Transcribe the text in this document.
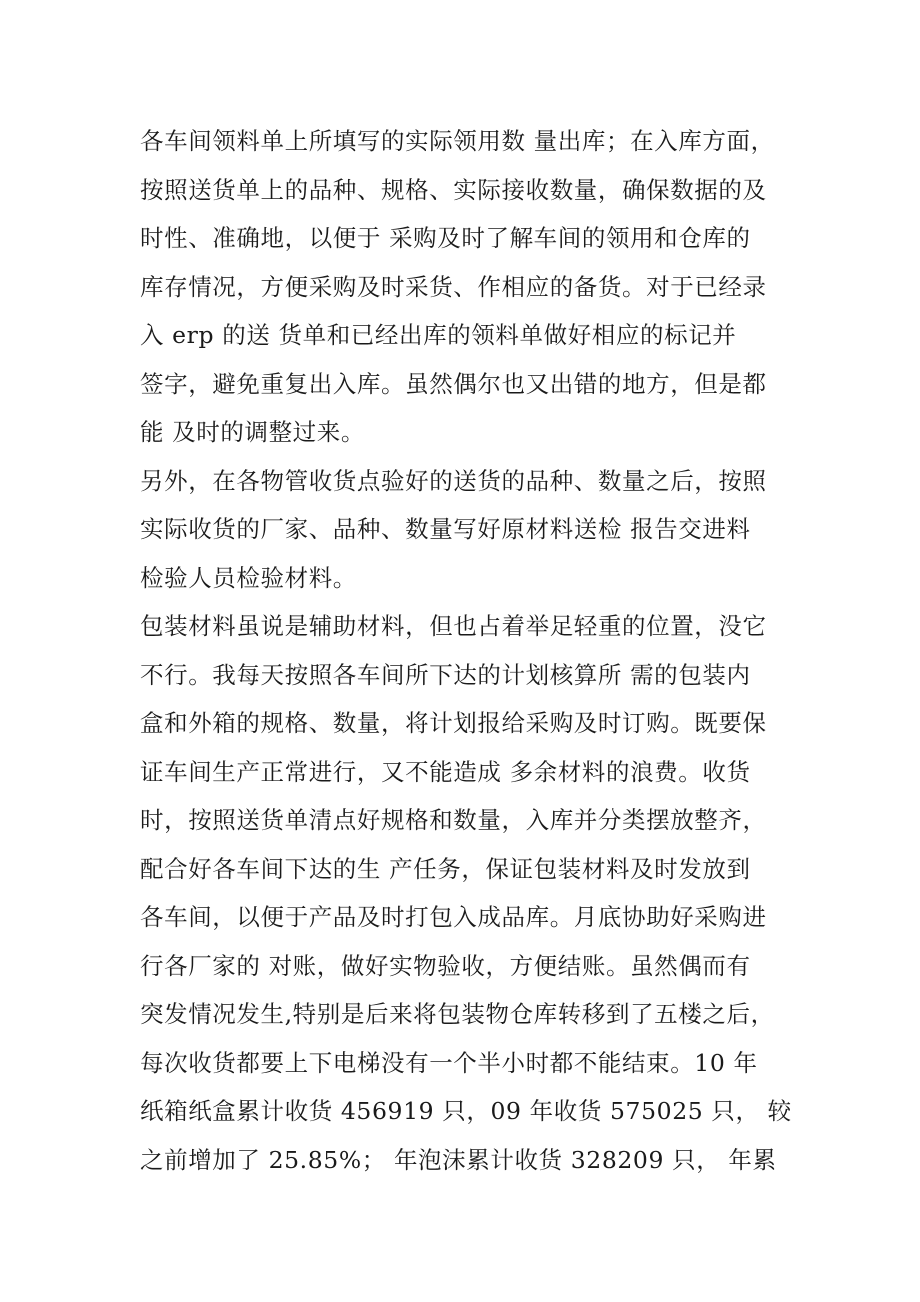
各车间领料单上所填写的实际领用数 量出库；在入库方面，
按照送货单上的品种、规格、实际接收数量，确保数据的及
时性、准确地，以便于 采购及时了解车间的领用和仓库的
库存情况，方便采购及时采货、作相应的备货。对于已经录
入 erp 的送 货单和已经出库的领料单做好相应的标记并
签字，避免重复出入库。虽然偶尔也又出错的地方，但是都
能 及时的调整过来。
另外，在各物管收货点验好的送货的品种、数量之后，按照
实际收货的厂家、品种、数量写好原材料送检 报告交进料
检验人员检验材料。
包装材料虽说是辅助材料，但也占着举足轻重的位置，没它
不行。我每天按照各车间所下达的计划核算所 需的包装内
盒和外箱的规格、数量，将计划报给采购及时订购。既要保
证车间生产正常进行，又不能造成 多余材料的浪费。收货
时，按照送货单清点好规格和数量，入库并分类摆放整齐，
配合好各车间下达的生 产任务，保证包装材料及时发放到
各车间，以便于产品及时打包入成品库。月底协助好采购进
行各厂家的 对账，做好实物验收，方便结账。虽然偶而有
突发情况发生,特别是后来将包装物仓库转移到了五楼之后，
每次收货都要上下电梯没有一个半小时都不能结束。10 年
纸箱纸盒累计收货 456919 只，09 年收货 575025 只， 较
之前增加了 25.85%； 年泡沫累计收货 328209 只， 年累
